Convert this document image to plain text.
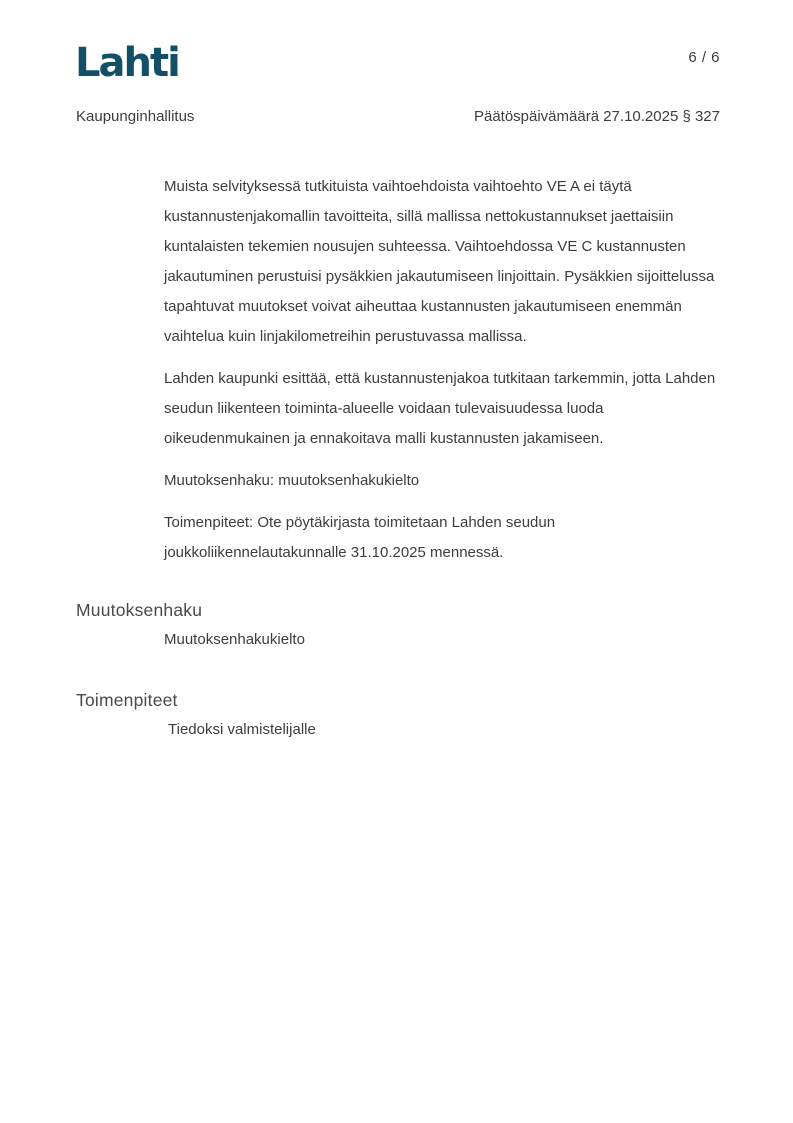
Lahti	6 / 6
Kaupunginhallitus	Päätöspäivämäärä 27.10.2025 § 327

Muista selvityksessä tutkituista vaihtoehdoista vaihtoehto VE A ei täytä kustannustenjakomallin tavoitteita, sillä mallissa nettokustannukset jaettaisiin kuntalaisten tekemien nousujen suhteessa. Vaihtoehdossa VE C kustannusten jakautuminen perustuisi pysäkkien jakautumiseen linjoittain. Pysäkkien sijoittelussa tapahtuvat muutokset voivat aiheuttaa kustannusten jakautumiseen enemmän vaihtelua kuin linjakilometreihin perustuvassa mallissa.

Lahden kaupunki esittää, että kustannustenjakoa tutkitaan tarkemmin, jotta Lahden seudun liikenteen toiminta-alueelle voidaan tulevaisuudessa luoda oikeudenmukainen ja ennakoitava malli kustannusten jakamiseen.

Muutoksenhaku: muutoksenhakukielto

Toimenpiteet: Ote pöytäkirjasta toimitetaan Lahden seudun joukkoliikennelautakunnalle 31.10.2025 mennessä.

Muutoksenhaku

Muutoksenhakukielto

Toimenpiteet

Tiedoksi valmistelijalle
